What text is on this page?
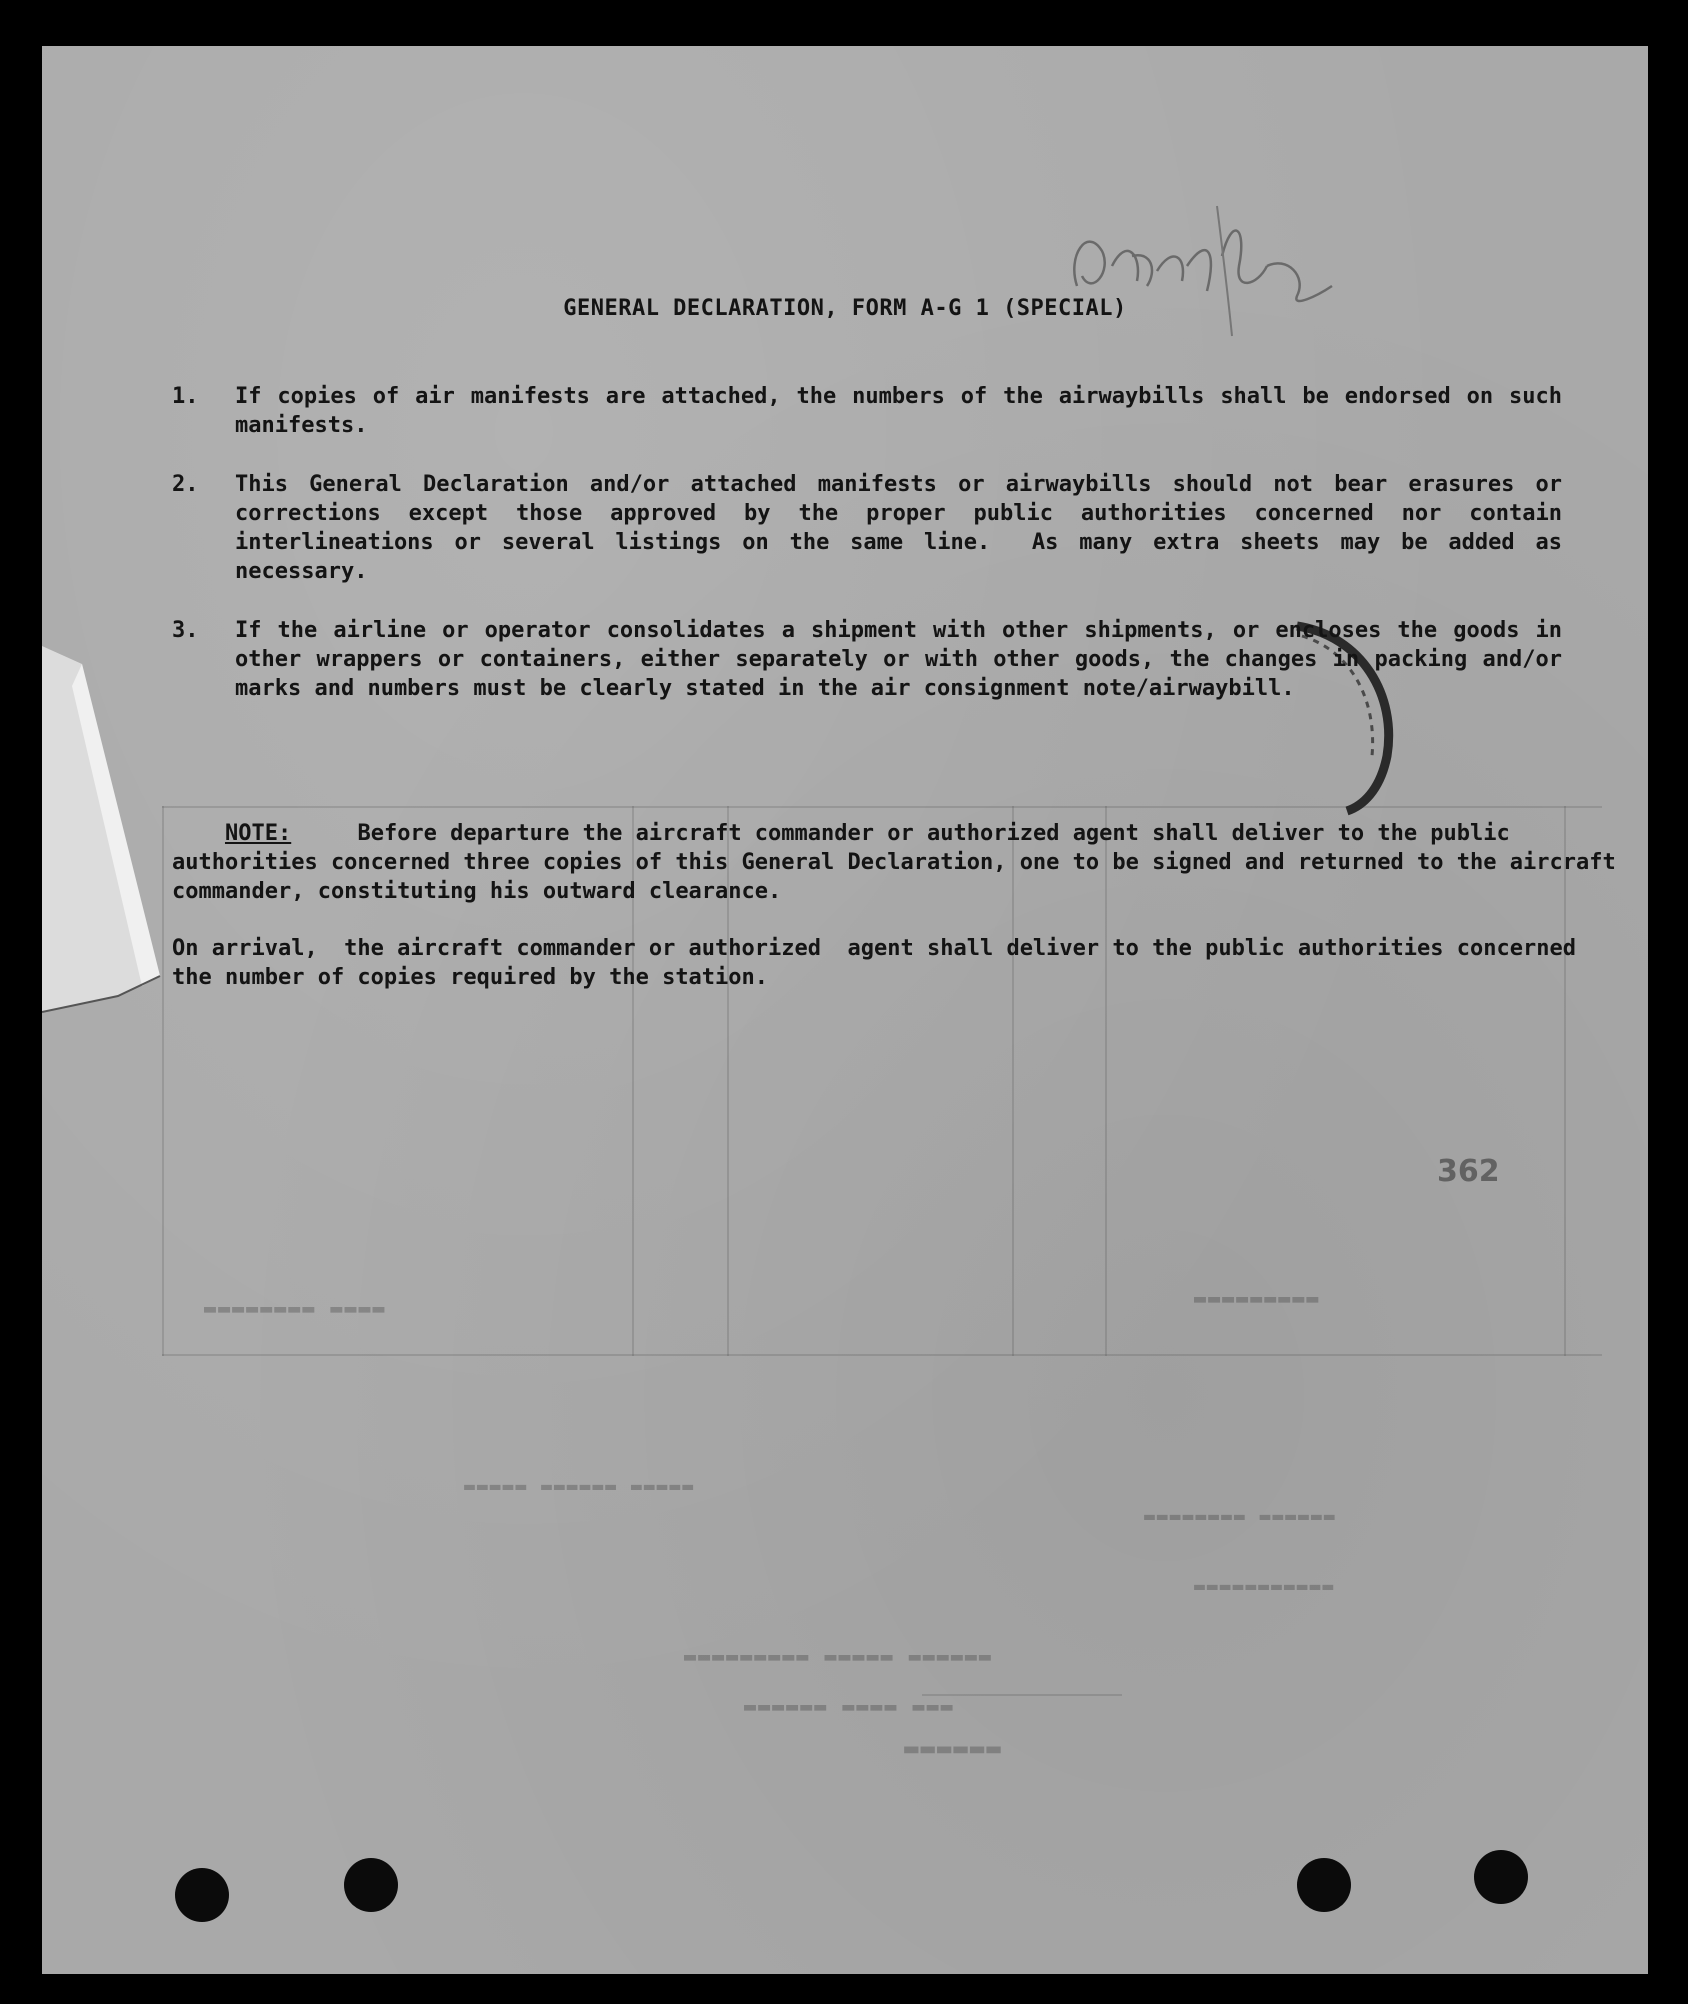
▬▬▬▬ ▬▬▬▬▬▬▬▬	▬▬▬▬▬▬▬▬▬
▬▬▬▬▬ ▬▬▬▬▬▬ ▬▬▬▬▬
▬▬▬▬▬▬ ▬▬▬▬▬▬▬▬
▬▬▬▬▬▬▬▬▬▬▬
▬▬▬▬▬▬ ▬▬▬▬▬ ▬▬▬▬▬▬▬▬▬
▬▬▬ ▬▬▬▬ ▬▬▬▬▬▬
▬▬▬▬▬▬
GENERAL DECLARATION, FORM A-G 1 (SPECIAL)
1. If copies of air manifests are attached, the numbers of the airwaybills shall be endorsed on such manifests.
2. This General Declaration and/or attached manifests or airwaybills should not bear erasures or corrections except those approved by the proper public authorities concerned nor contain interlineations or several listings on the same line.  As many extra sheets may be added as necessary.
3. If the airline or operator consolidates a shipment with other shipments, or encloses the goods in other wrappers or containers, either separately or with other goods, the changes in packing and/or marks and numbers must be clearly stated in the air consignment note/airwaybill.

NOTE:	Before departure the aircraft commander or authorized agent shall deliver to the public authorities concerned three copies of this General Declaration, one to be signed and returned to the aircraft commander, constituting his outward clearance.

On arrival,  the aircraft commander or authorized  agent shall deliver to the public authorities concerned the number of copies required by the station.
362
